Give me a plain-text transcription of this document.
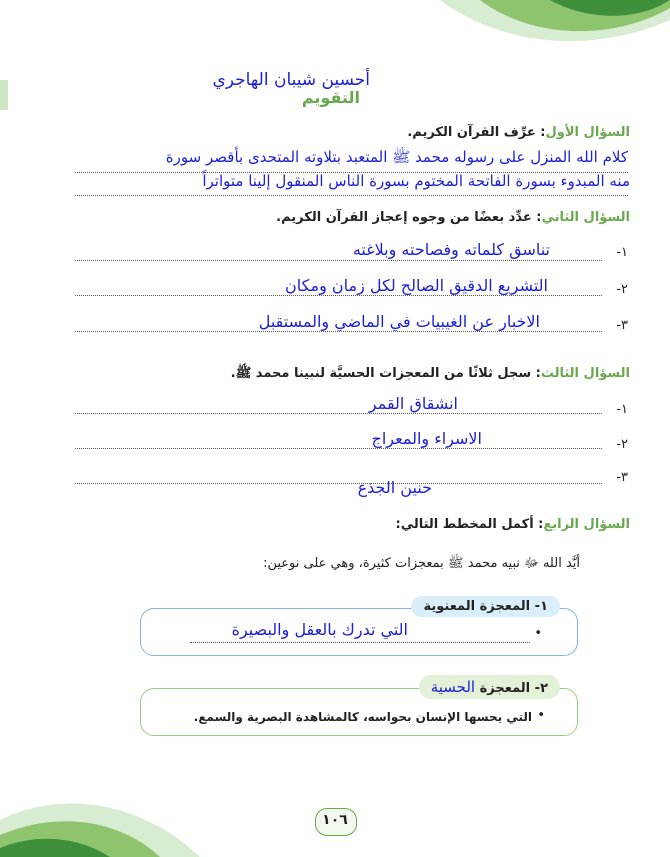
أحسين شيبان الهاجري
التقويم
السؤال الأول: عرِّف القرآن الكريم.
كلام الله المنزل على رسوله محمد ﷺ المتعبد بتلاوته المتحدى بأقصر سورة
منه المبدوء بسورة الفاتحة المختوم بسورة الناس المنقول إلينا متواتراً
السؤال الثاني: عدِّد بعضًا من وجوه إعجاز القرآن الكريم.
١-
تناسق كلماته وفصاحته وبلاغته
٢-
التشريع الدقيق الصالح لكل زمان ومكان
٣-
الاخبار عن الغيبيات في الماضي والمستقبل
السؤال الثالث: سجل ثلاثًا من المعجزات الحسيَّة لنبينا محمد ﷺ.
١-
انشقاق القمر
٢-
الاسراء والمعراج
٣-
حنين الجذع
السؤال الرابع: أكمل المخطط التالي:
أيَّد الله ﷻ نبيه محمد ﷺ بمعجزات كثيرة، وهي على نوعين:
١- المعجزة المعنوية
•
التي تدرك بالعقل والبصيرة
٢- المعجزة الحسية
•
التي يحسها الإنسان بحواسه، كالمشاهدة البصرية والسمع.
١٠٦
